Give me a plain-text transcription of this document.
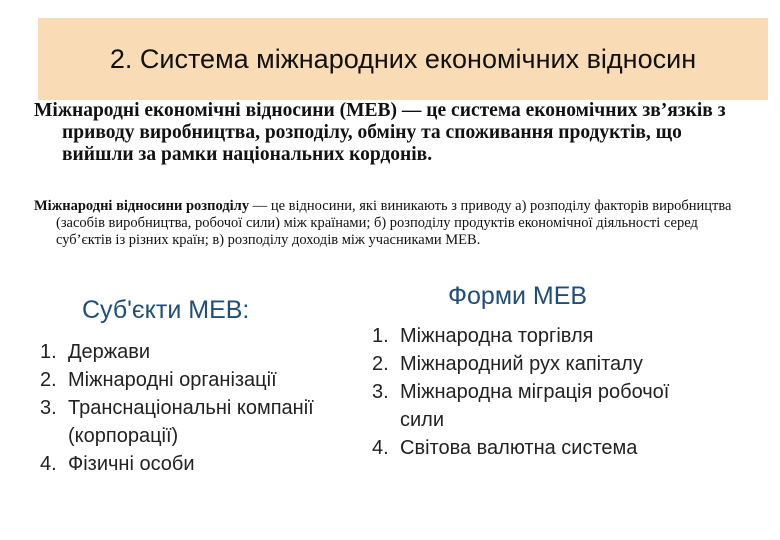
2. Система міжнародних економічних відносин
Міжнародні економічні відносини (МЕВ) — це система економічних зв’язків з приводу виробництва, розподілу, обміну та споживання продуктів, що вийшли за рамки національних кордонів.
Міжнародні відносини розподілу — це відносини, які виникають з приводу а) розподілу факторів виробництва (засобів виробництва, робочої сили) між країнами; б) розподілу продуктів економічної діяльності серед суб’єктів із різних країн; в) розподілу доходів між учасниками МЕВ.
Суб'єкти МЕВ:
1. Держави
2. Міжнародні організації
3. Транснаціональні компанії (корпорації)
4. Фізичні особи
Форми МЕВ
1. Міжнародна торгівля
2. Міжнародний рух капіталу
3. Міжнародна міграція робочої сили
4. Світова валютна система
